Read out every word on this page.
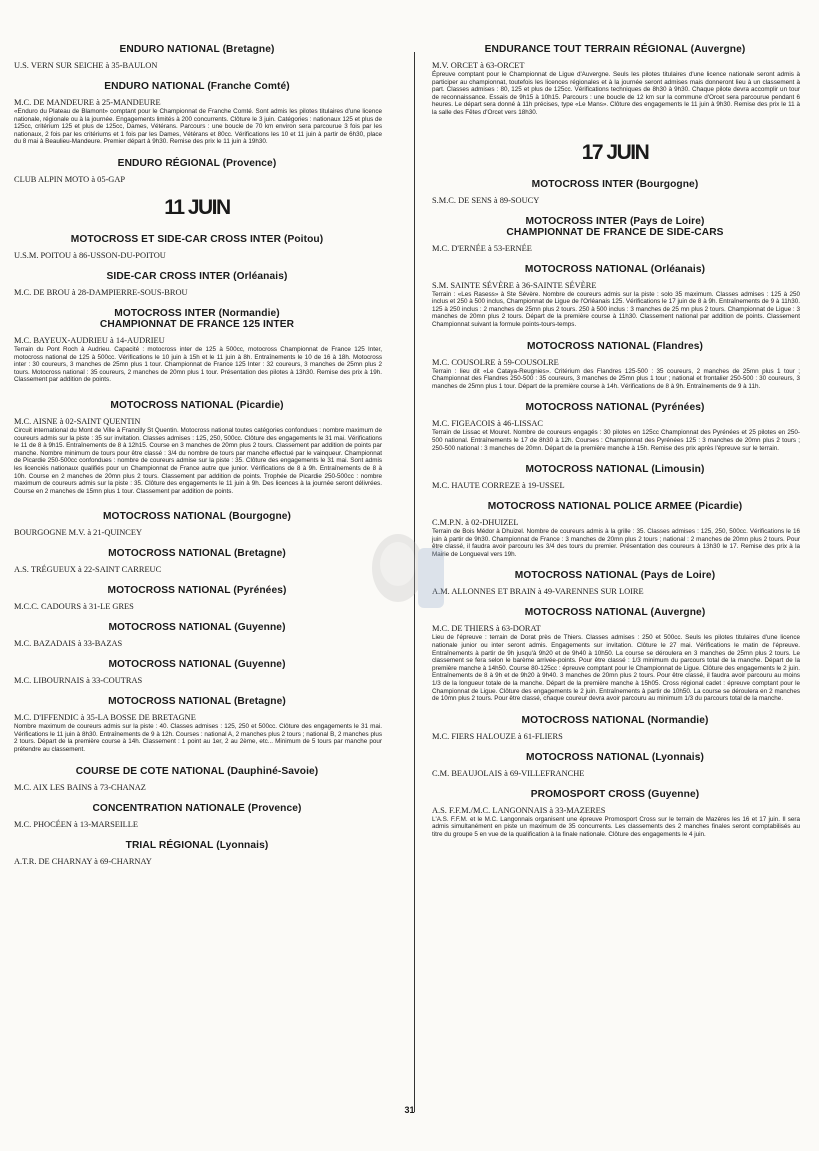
ENDURO NATIONAL (Bretagne)
U.S. VERN SUR SEICHE à 35-BAULON
ENDURO NATIONAL (Franche Comté)
M.C. DE MANDEURE à 25-MANDEURE
«Enduro du Plateau de Blamont» comptant pour le Championnat de Franche Comté. Sont admis les pilotes titulaires d'une licence nationale, régionale ou à la journée. Engagements limités à 200 concurrents. Clôture le 3 juin. Catégories : nationaux 125 et plus de 125cc, critérium 125 et plus de 125cc, Dames, Vétérans. Parcours : une boucle de 70 km environ sera parcourue 3 fois par les nationaux, 2 fois par les critériums et 1 fois par les Dames, Vétérans et 80cc. Vérifications les 10 et 11 juin à partir de 6h30, place du 8 mai à Beaulieu-Mandeure. Premier départ à 9h30. Remise des prix le 11 juin à 19h30.
ENDURO RÉGIONAL (Provence)
CLUB ALPIN MOTO à 05-GAP
11 JUIN
MOTOCROSS ET SIDE-CAR CROSS INTER (Poitou)
U.S.M. POITOU à 86-USSON-DU-POITOU
SIDE-CAR CROSS INTER (Orléanais)
M.C. DE BROU à 28-DAMPIERRE-SOUS-BROU
MOTOCROSS INTER (Normandie)
CHAMPIONNAT DE FRANCE 125 INTER
M.C. BAYEUX-AUDRIEU à 14-AUDRIEU
Terrain du Pont Roch à Audrieu. Capacité : motocross inter de 125 à 500cc, motocross Championnat de France 125 Inter, motocross national de 125 à 500cc. Vérifications le 10 juin à 15h et le 11 juin à 8h. Entraînements le 10 de 16 à 18h. Motocross inter : 30 coureurs, 3 manches de 25mn plus 1 tour. Championnat de France 125 Inter : 32 coureurs, 3 manches de 25mn plus 2 tours. Motocross national : 35 coureurs, 2 manches de 20mn plus 1 tour. Présentation des pilotes à 13h30. Remise des prix à 19h. Classement par addition de points.
MOTOCROSS NATIONAL (Picardie)
M.C. AISNE à 02-SAINT QUENTIN
Circuit international du Mont de Ville à Francilly St Quentin. Motocross national toutes catégories confondues : nombre maximum de coureurs admis sur la piste : 35 sur invitation. Classes admises : 125, 250, 500cc. Clôture des engagements le 31 mai. Vérifications le 11 de 8 à 9h15. Entraînements de 8 à 12h15. Course en 3 manches de 20mn plus 2 tours. Classement par addition de points par manche. Nombre minimum de tours pour être classé : 3/4 du nombre de tours par manche effectué par le vainqueur. Championnat de Picardie 250-500cc confondues : nombre de coureurs admise sur la piste : 35. Clôture des engagements le 31 mai. Sont admis les licenciés nationaux qualifiés pour un Championnat de France autre que junior. Vérifications de 8 à 9h. Entraînements de 8 à 10h. Course en 2 manches de 20mn plus 2 tours. Classement par addition de points. Trophée de Picardie 250-500cc : nombre maximum de coureurs admis sur la piste : 35. Clôture des engagements le 11 juin à 9h. Des licences à la journée seront délivrées. Course en 2 manches de 15mn plus 1 tour. Classement par addition de points.
MOTOCROSS NATIONAL (Bourgogne)
BOURGOGNE M.V. à 21-QUINCEY
MOTOCROSS NATIONAL (Bretagne)
A.S. TRÉGUEUX à 22-SAINT CARREUC
MOTOCROSS NATIONAL (Pyrénées)
M.C.C. CADOURS à 31-LE GRES
MOTOCROSS NATIONAL (Guyenne)
M.C. BAZADAIS à 33-BAZAS
MOTOCROSS NATIONAL (Guyenne)
M.C. LIBOURNAIS à 33-COUTRAS
MOTOCROSS NATIONAL (Bretagne)
M.C. D'IFFENDIC à 35-LA BOSSE DE BRETAGNE
Nombre maximum de coureurs admis sur la piste : 40. Classes admises : 125, 250 et 500cc. Clôture des engagements le 31 mai. Vérifications le 11 juin à 8h30. Entraînements de 9 à 12h. Courses : national A, 2 manches plus 2 tours ; national B, 2 manches plus 2 tours. Départ de la première course à 14h. Classement : 1 point au 1er, 2 au 2ème, etc... Minimum de 5 tours par manche pour prétendre au classement.
COURSE DE COTE NATIONAL (Dauphiné-Savoie)
M.C. AIX LES BAINS à 73-CHANAZ
CONCENTRATION NATIONALE (Provence)
M.C. PHOCÉEN à 13-MARSEILLE
TRIAL RÉGIONAL (Lyonnais)
A.T.R. DE CHARNAY à 69-CHARNAY
ENDURANCE TOUT TERRAIN RÉGIONAL (Auvergne)
M.V. ORCET à 63-ORCET
Épreuve comptant pour le Championnat de Ligue d'Auvergne. Seuls les pilotes titulaires d'une licence nationale seront admis à participer au championnat, toutefois les licences régionales et à la journée seront admises mais donneront lieu à un classement à part. Classes admises : 80, 125 et plus de 125cc. Vérifications techniques de 8h30 à 9h30. Chaque pilote devra accomplir un tour de reconnaissance. Essais de 9h15 à 10h15. Parcours : une boucle de 12 km sur la commune d'Orcet sera parcourue pendant 6 heures. Le départ sera donné à 11h précises, type «Le Mans». Clôture des engagements le 11 juin à 9h30. Remise des prix le 11 à la salle des Fêtes d'Orcet vers 18h30.
17 JUIN
MOTOCROSS INTER (Bourgogne)
S.M.C. DE SENS à 89-SOUCY
MOTOCROSS INTER (Pays de Loire)
CHAMPIONNAT DE FRANCE DE SIDE-CARS
M.C. D'ERNÉE à 53-ERNÉE
MOTOCROSS NATIONAL (Orléanais)
S.M. SAINTE SÉVÈRE à 36-SAINTE SÉVÈRE
Terrain : «Les Rasess» à Ste Sévère. Nombre de coureurs admis sur la piste : solo 35 maximum. Classes admises : 125 à 250 inclus et 250 à 500 inclus, Championnat de Ligue de l'Orléanais 125. Vérifications le 17 juin de 8 à 9h. Entraînements de 9 à 11h30. 125 à 250 inclus : 2 manches de 25mn plus 2 tours. 250 à 500 inclus : 3 manches de 25 mn plus 2 tours. Championnat de Ligue : 3 manches de 20mn plus 2 tours. Départ de la première course à 11h30. Classement national par addition de points. Classement Championnat suivant la formule points-tours-temps.
MOTOCROSS NATIONAL (Flandres)
M.C. COUSOLRE à 59-COUSOLRE
Terrain : lieu dit «Le Cataya-Reugnies». Critérium des Flandres 125-500 : 35 coureurs, 2 manches de 25mn plus 1 tour ; Championnat des Flandres 250-500 : 35 coureurs, 3 manches de 25mn plus 1 tour ; national et frontalier 250-500 : 30 coureurs, 3 manches de 25mn plus 1 tour. Départ de la première course à 14h. Vérifications de 8 à 9h. Entraînements de 9 à 11h.
MOTOCROSS NATIONAL (Pyrénées)
M.C. FIGEACOIS à 46-LISSAC
Terrain de Lissac et Mouret. Nombre de coureurs engagés : 30 pilotes en 125cc Championnat des Pyrénées et 25 pilotes en 250-500 national. Entraînements le 17 de 8h30 à 12h. Courses : Championnat des Pyrénées 125 : 3 manches de 20mn plus 2 tours ; 250-500 national : 3 manches de 20mn. Départ de la première manche à 15h. Remise des prix après l'épreuve sur le terrain.
MOTOCROSS NATIONAL (Limousin)
M.C. HAUTE CORREZE à 19-USSEL
MOTOCROSS NATIONAL POLICE ARMEE (Picardie)
C.M.P.N. à 02-DHUIZEL
Terrain de Bois Médor à Dhuizel. Nombre de coureurs admis à la grille : 35. Classes admises : 125, 250, 500cc. Vérifications le 16 juin à partir de 9h30. Championnat de France : 3 manches de 20mn plus 2 tours ; national : 2 manches de 20mn plus 2 tours. Pour être classé, il faudra avoir parcouru les 3/4 des tours du premier. Présentation des coureurs à 13h30 le 17. Remise des prix à la Mairie de Longueval vers 19h.
MOTOCROSS NATIONAL (Pays de Loire)
A.M. ALLONNES ET BRAIN à 49-VARENNES SUR LOIRE
MOTOCROSS NATIONAL (Auvergne)
M.C. DE THIERS à 63-DORAT
Lieu de l'épreuve : terrain de Dorat près de Thiers. Classes admises : 250 et 500cc. Seuls les pilotes titulaires d'une licence nationale junior ou inter seront admis. Engagements sur invitation. Clôture le 27 mai. Vérifications le matin de l'épreuve. Entraînements à partir de 9h jusqu'à 9h20 et de 9h40 à 10h50. La course se déroulera en 3 manches de 25mn plus 2 tours. Le classement se fera selon le barème arrivée-points. Pour être classé : 1/3 minimum du parcours total de la manche. Départ de la première manche à 14h50. Course 80-125cc : épreuve comptant pour le Championnat de Ligue. Clôture des engagements le 2 juin. Entraînements de 8 à 9h et de 9h20 à 9h40. 3 manches de 20mn plus 2 tours. Pour être classé, il faudra avoir parcouru au moins 1/3 de la longueur totale de la manche. Départ de la première manche à 15h05. Cross régional cadet : épreuve comptant pour le Championnat de Ligue. Clôture des engagements le 2 juin. Entraînements à partir de 10h50. La course se déroulera en 2 manches de 10mn plus 2 tours. Pour être classé, chaque coureur devra avoir parcouru au minimum 1/3 du parcours total de la manche.
MOTOCROSS NATIONAL (Normandie)
M.C. FIERS HALOUZE à 61-FLIERS
MOTOCROSS NATIONAL (Lyonnais)
C.M. BEAUJOLAIS à 69-VILLEFRANCHE
PROMOSPORT CROSS (Guyenne)
A.S. F.F.M./M.C. LANGONNAIS à 33-MAZERES
L'A.S. F.F.M. et le M.C. Langonnais organisent une épreuve Promosport Cross sur le terrain de Mazères les 16 et 17 juin. Il sera admis simultanément en piste un maximum de 35 concurrents. Les classements des 2 manches finales seront comptabilisés au titre du groupe 5 en vue de la qualification à la finale nationale. Clôture des engagements le 4 juin.
31
